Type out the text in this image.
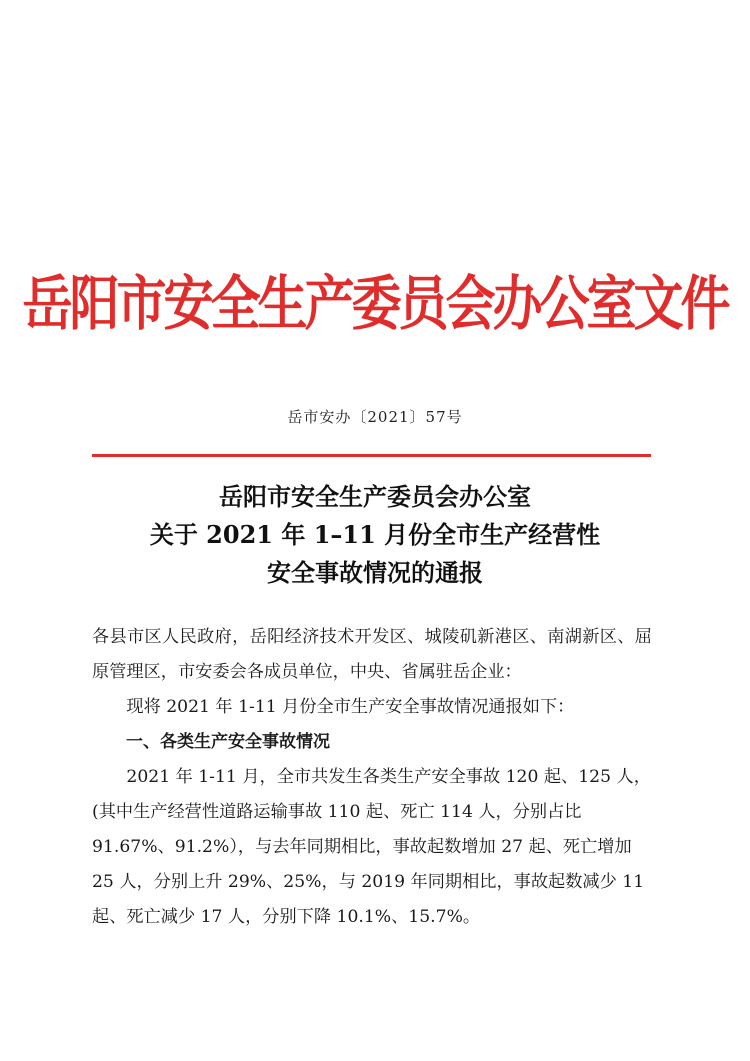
岳阳市安全生产委员会办公室文件
岳市安办〔2021〕57号
岳阳市安全生产委员会办公室
关于 2021 年 1–11 月份全市生产经营性
安全事故情况的通报

各县市区人民政府，岳阳经济技术开发区、城陵矶新港区、南湖新区、屈原管理区，市安委会各成员单位，中央、省属驻岳企业：

现将 2021 年 1-11 月份全市生产安全事故情况通报如下：

一、各类生产安全事故情况

2021 年 1-11 月，全市共发生各类生产安全事故 120 起、125 人，(其中生产经营性道路运输事故 110 起、死亡 114 人，分别占比 91.67%、91.2%），与去年同期相比，事故起数增加 27 起、死亡增加 25 人，分别上升 29%、25%，与 2019 年同期相比，事故起数减少 11 起、死亡减少 17 人，分别下降 10.1%、15.7%。
